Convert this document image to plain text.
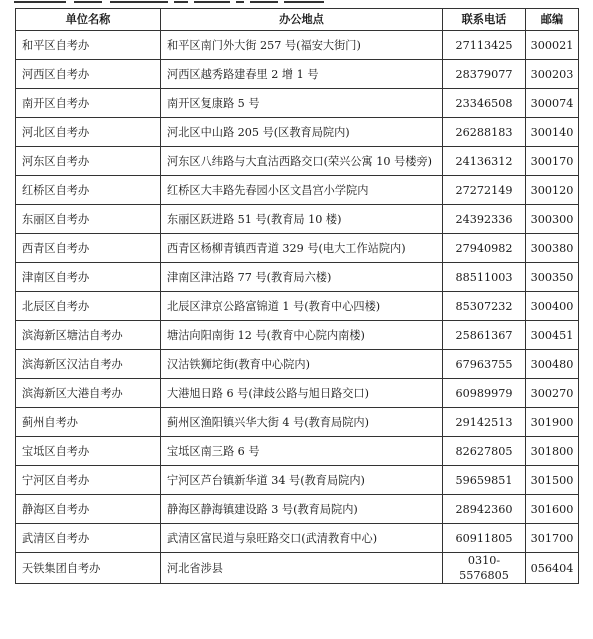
单位名称	办公地点	联系电话	邮编
和平区自考办	和平区南门外大街 257 号(福安大街门)	27113425	300021
河西区自考办	河西区越秀路建春里 2 增 1 号	28379077	300203
南开区自考办	南开区复康路 5 号	23346508	300074
河北区自考办	河北区中山路 205 号(区教育局院内)	26288183	300140
河东区自考办	河东区八纬路与大直沽西路交口(荣兴公寓 10 号楼旁)	24136312	300170
红桥区自考办	红桥区大丰路先春园小区文昌宫小学院内	27272149	300120
东丽区自考办	东丽区跃进路 51 号(教育局 10 楼)	24392336	300300
西青区自考办	西青区杨柳青镇西青道 329 号(电大工作站院内)	27940982	300380
津南区自考办	津南区津沽路 77 号(教育局六楼)	88511003	300350
北辰区自考办	北辰区津京公路富锦道 1 号(教育中心四楼)	85307232	300400
滨海新区塘沽自考办	塘沽向阳南街 12 号(教育中心院内南楼)	25861367	300451
滨海新区汉沽自考办	汉沽铁狮坨街(教育中心院内)	67963755	300480
滨海新区大港自考办	大港旭日路 6 号(津歧公路与旭日路交口)	60989979	300270
蓟州自考办	蓟州区渔阳镇兴华大街 4 号(教育局院内)	29142513	301900
宝坻区自考办	宝坻区南三路 6 号	82627805	301800
宁河区自考办	宁河区芦台镇新华道 34 号(教育局院内)	59659851	301500
静海区自考办	静海区静海镇建设路 3 号(教育局院内)	28942360	301600
武清区自考办	武清区富民道与泉旺路交口(武清教育中心)	60911805	301700
天铁集团自考办	河北省涉县	0310-5576805	056404
